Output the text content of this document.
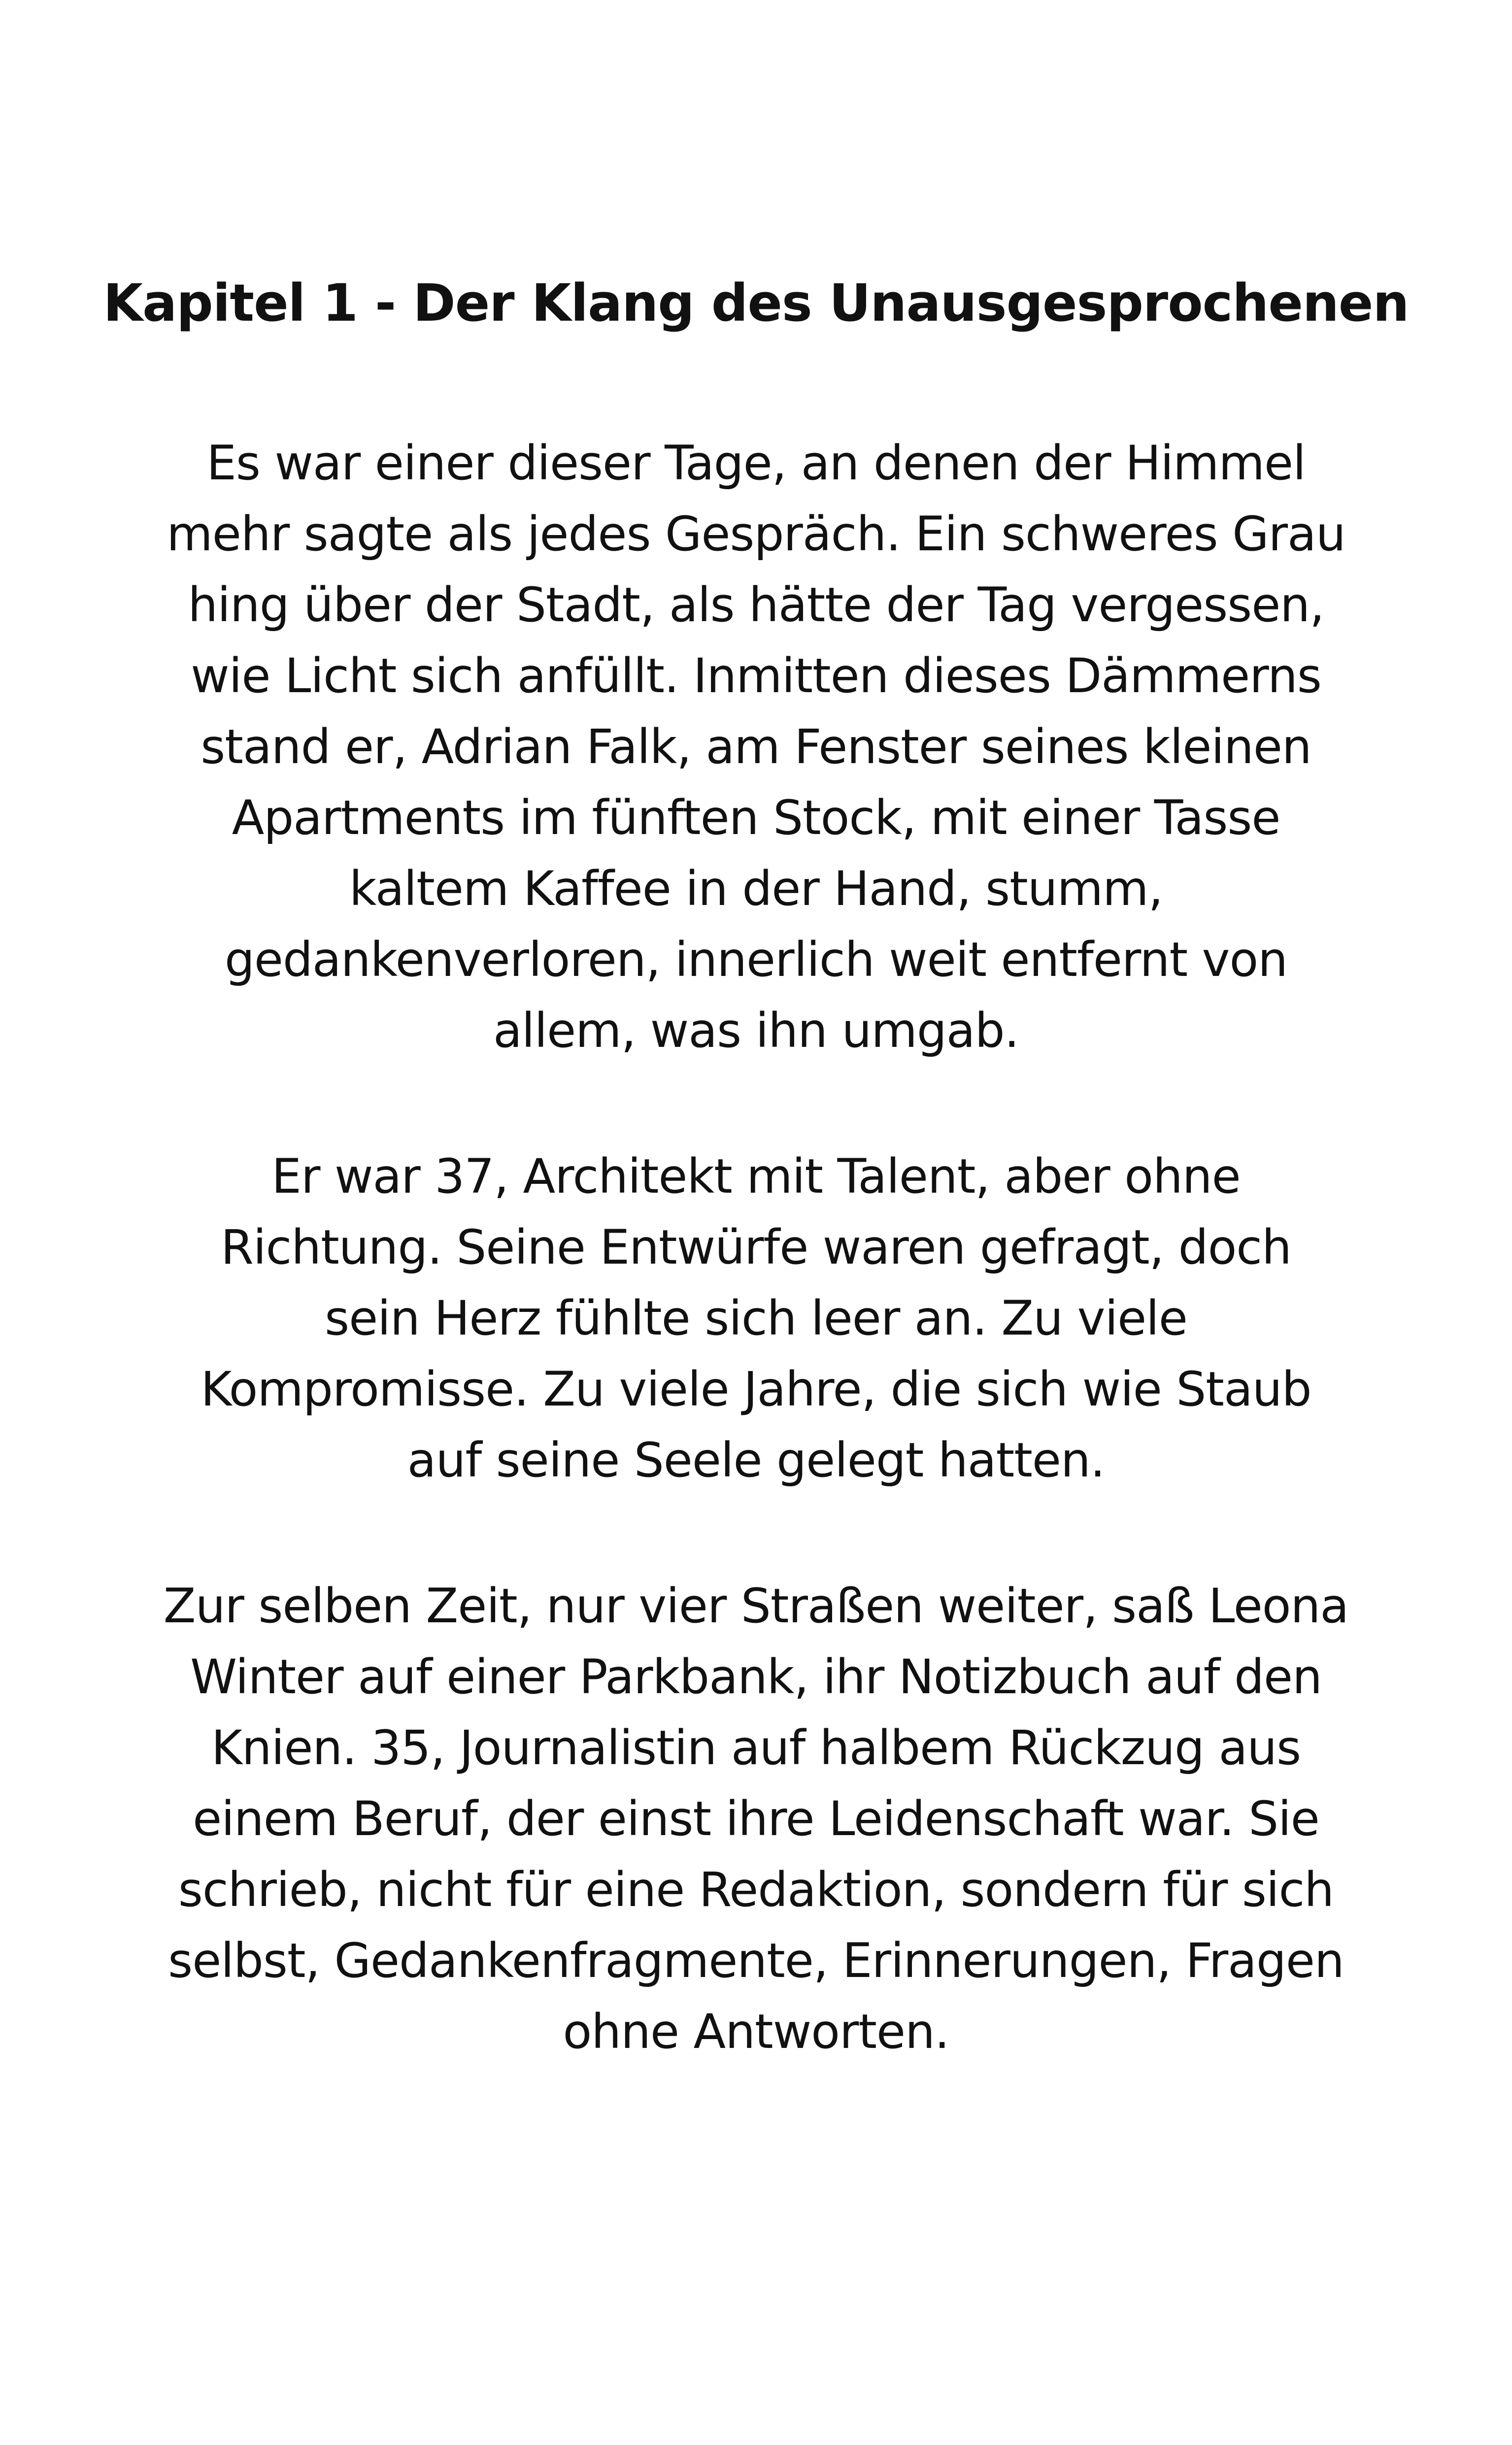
Kapitel 1 - Der Klang des Unausgesprochenen

Es war einer dieser Tage, an denen der Himmel
mehr sagte als jedes Gespräch. Ein schweres Grau
hing über der Stadt, als hätte der Tag vergessen,
wie Licht sich anfüllt. Inmitten dieses Dämmerns
stand er, Adrian Falk, am Fenster seines kleinen
Apartments im fünften Stock, mit einer Tasse
kaltem Kaffee in der Hand, stumm,
gedankenverloren, innerlich weit entfernt von
allem, was ihn umgab.

Er war 37, Architekt mit Talent, aber ohne
Richtung. Seine Entwürfe waren gefragt, doch
sein Herz fühlte sich leer an. Zu viele
Kompromisse. Zu viele Jahre, die sich wie Staub
auf seine Seele gelegt hatten.

Zur selben Zeit, nur vier Straßen weiter, saß Leona
Winter auf einer Parkbank, ihr Notizbuch auf den
Knien. 35, Journalistin auf halbem Rückzug aus
einem Beruf, der einst ihre Leidenschaft war. Sie
schrieb, nicht für eine Redaktion, sondern für sich
selbst, Gedankenfragmente, Erinnerungen, Fragen
ohne Antworten.
